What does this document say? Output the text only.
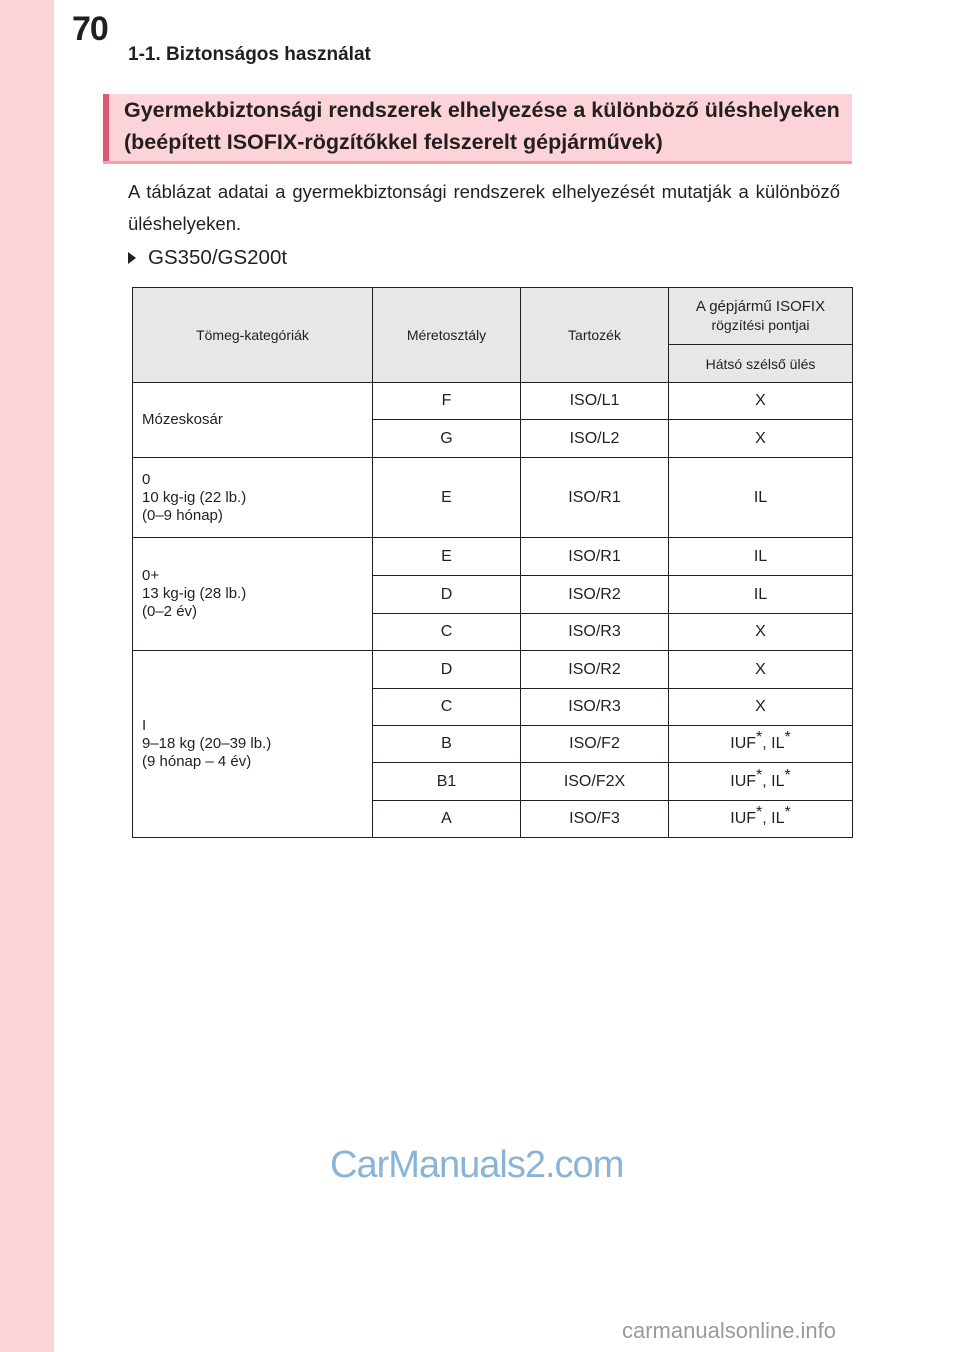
70
1-1. Biztonságos használat
Gyermekbiztonsági rendszerek elhelyezése a különböző üléshelyeken
(beépített ISOFIX-rögzítőkkel felszerelt gépjárművek)
A táblázat adatai a gyermekbiztonsági rendszerek elhelyezését mutatják a különböző üléshelyeken.
GS350/GS200t
Tömeg-kategóriák	Méretosztály	Tartozék	A gépjármű ISOFIX
rögzítési pontjai

			Hátsó szélső ülés

Mózeskosár	F	ISO/L1	X
	G	ISO/L2	X

0
10 kg-ig (22 lb.)
(0–9 hónap)	E	ISO/R1	IL

0+
13 kg-ig (28 lb.)
(0–2 év)	E	ISO/R1	IL
	D	ISO/R2	IL
	C	ISO/R3	X

I
9–18 kg (20–39 lb.)
(9 hónap – 4 év)	D	ISO/R2	X
	C	ISO/R3	X
	B	ISO/F2	IUF*, IL*
	B1	ISO/F2X	IUF*, IL*
	A	ISO/F3	IUF*, IL*
CarManuals2.com
carmanualsonline.info
